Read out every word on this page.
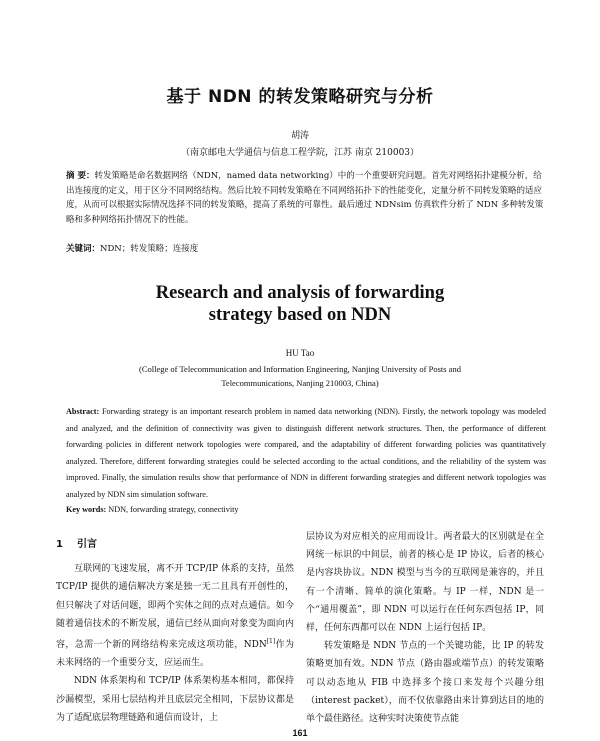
基于 NDN 的转发策略研究与分析
胡涛
（南京邮电大学通信与信息工程学院，江苏 南京 210003）
摘 要：转发策略是命名数据网络（NDN，named data networking）中的一个重要研究问题。首先对网络拓扑建模分析，给出连接度的定义，用于区分不同网络结构。然后比较不同转发策略在不同网络拓扑下的性能变化，定量分析不同转发策略的适应度，从而可以根据实际情况选择不同的转发策略，提高了系统的可靠性。最后通过 NDNsim 仿真软件分析了 NDN 多种转发策略和多种网络拓扑情况下的性能。
关键词：NDN；转发策略；连接度
Research and analysis of forwarding
strategy based on NDN
HU Tao
(College of Telecommunication and Information Engineering, Nanjing University of Posts and
Telecommunications, Nanjing 210003, China)
Abstract: Forwarding strategy is an important research problem in named data networking (NDN). Firstly, the network topology was modeled and analyzed, and the definition of connectivity was given to distinguish different network structures. Then, the performance of different forwarding policies in different network topologies were compared, and the adaptability of different forwarding policies was quantitatively analyzed. Therefore, different forwarding strategies could be selected according to the actual conditions, and the reliability of the system was improved. Finally, the simulation results show that performance of NDN in different forwarding strategies and different network topologies was analyzed by NDN sim simulation software.
Key words: NDN, forwarding strategy, connectivity
1 引言

互联网的飞速发展，离不开 TCP/IP 体系的支持，虽然 TCP/IP 提供的通信解决方案是独一无二且具有开创性的，但只解决了对话问题，即两个实体之间的点对点通信。如今随着通信技术的不断发展，通信已经从面向对象变为面向内容，急需一个新的网络结构来完成这项功能，NDN[1]作为未来网络的一个重要分支，应运而生。

NDN 体系架构和 TCP/IP 体系架构基本相同，都保持沙漏模型，采用七层结构并且底层完全相同，下层协议都是为了适配底层物理链路和通信而设计，上

层协议为对应相关的应用而设计。两者最大的区别就是在全网统一标识的中间层，前者的核心是 IP 协议，后者的核心是内容块协议。NDN 模型与当今的互联网是兼容的，并且有一个清晰、简单的演化策略。与 IP 一样，NDN 是一个“通用覆盖”，即 NDN 可以运行在任何东西包括 IP，同样，任何东西都可以在 NDN 上运行包括 IP。

转发策略是 NDN 节点的一个关键功能，比 IP 的转发策略更加有效。NDN 节点（路由器或端节点）的转发策略可以动态地从 FIB 中选择多个接口来发每个兴趣分组（interest packet），而不仅依靠路由来计算到达目的地的单个最佳路径。这种实时决策使节点能

161
